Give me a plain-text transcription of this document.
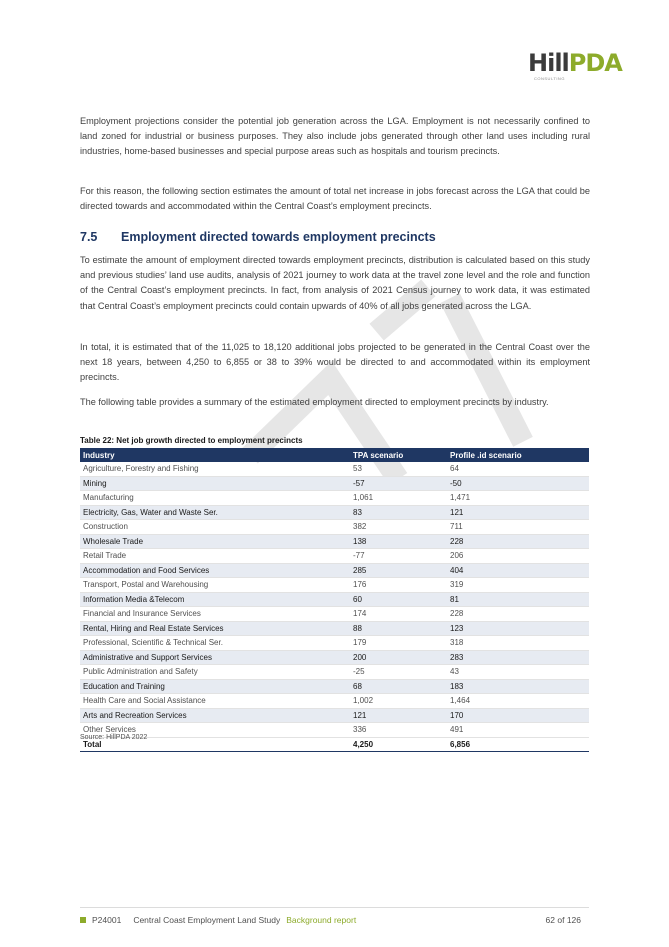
HillPDA
CONSULTING

Employment projections consider the potential job generation across the LGA. Employment is not necessarily confined to land zoned for industrial or business purposes. They also include jobs generated through other land uses including rural industries, home-based businesses and special purpose areas such as hospitals and tourism precincts.

For this reason, the following section estimates the amount of total net increase in jobs forecast across the LGA that could be directed towards and accommodated within the Central Coast’s employment precincts.

7.5 Employment directed towards employment precincts

To estimate the amount of employment directed towards employment precincts, distribution is calculated based on this study and previous studies’ land use audits, analysis of 2021 journey to work data at the travel zone level and the role and function of the Central Coast’s employment precincts. In fact, from analysis of 2021 Census journey to work data, it was estimated that Central Coast’s employment precincts could contain upwards of 40% of all jobs generated across the LGA.

In total, it is estimated that of the 11,025 to 18,120 additional jobs projected to be generated in the Central Coast over the next 18 years, between 4,250 to 6,855 or 38 to 39% would be directed to and accommodated within its employment precincts.

The following table provides a summary of the estimated employment directed to employment precincts by industry.

Table 22: Net job growth directed to employment precincts
Industry	TPA scenario	Profile .id scenario
Agriculture, Forestry and Fishing	53	64
Mining	-57	-50
Manufacturing	1,061	1,471
Electricity, Gas, Water and Waste Ser.	83	121
Construction	382	711
Wholesale Trade	138	228
Retail Trade	-77	206
Accommodation and Food Services	285	404
Transport, Postal and Warehousing	176	319
Information Media &Telecom	60	81
Financial and Insurance Services	174	228
Rental, Hiring and Real Estate Services	88	123
Professional, Scientific & Technical Ser.	179	318
Administrative and Support Services	200	283
Public Administration and Safety	-25	43
Education and Training	68	183
Health Care and Social Assistance	1,002	1,464
Arts and Recreation Services	121	170
Other Services	336	491
Total	4,250	6,856
Source: HillPDA 2022
P24001 Central Coast Employment Land Study Background report	62 of 126
